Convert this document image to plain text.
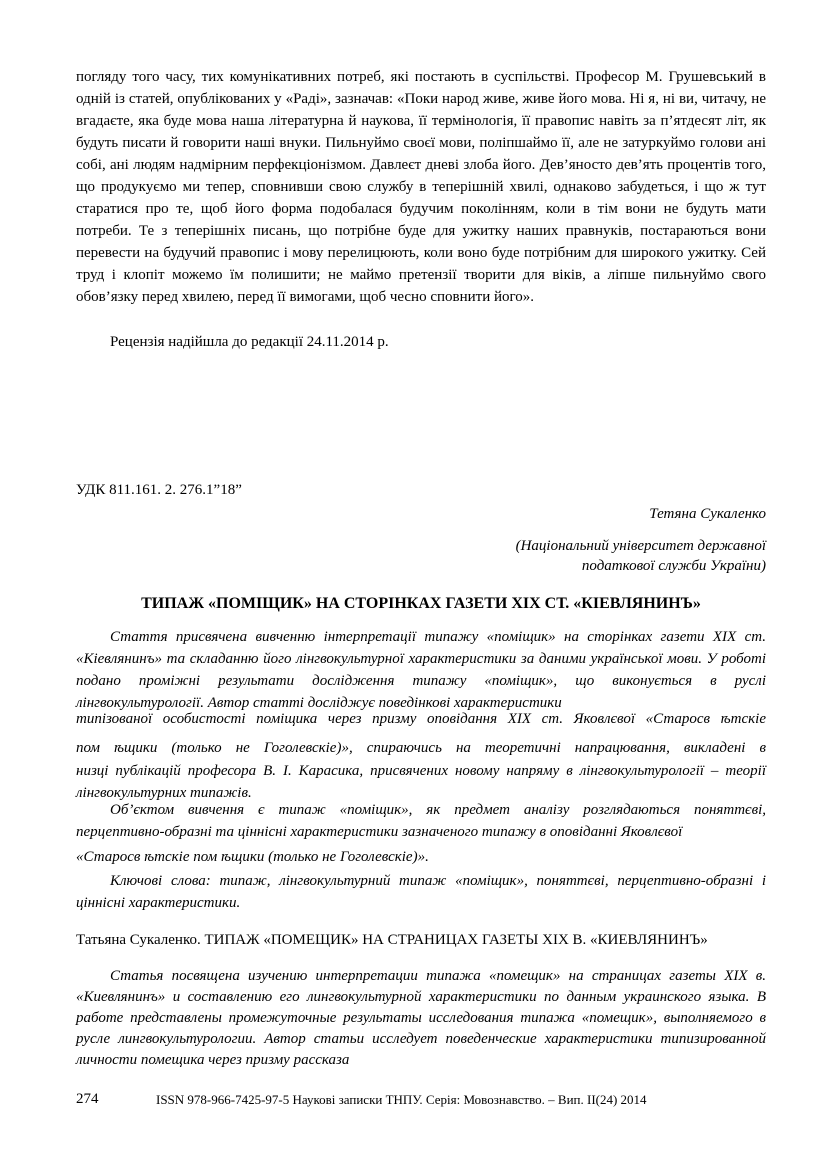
погляду того часу, тих комунікативних потреб, які постають в суспільстві. Професор М. Грушевський в одній із статей, опублікованих у «Раді», зазначав: «Поки народ живе, живе його мова. Ні я, ні ви, читачу, не вгадаєте, яка буде мова наша літературна й наукова, її термінологія, її правопис навіть за п’ятдесят літ, як будуть писати й говорити наші внуки. Пильнуймо своєї мови, поліпшаймо її, але не затуркуймо голови ані собі, ані людям надмірним перфекціонізмом. Давлеєт дневі злоба його. Дев’яносто дев’ять процентів того, що продукуємо ми тепер, сповнивши свою службу в теперішній хвилі, однаково забудеться, і що ж тут старатися про те, щоб його форма подобалася будучим поколінням, коли в тім вони не будуть мати потреби. Те з теперішніх писань, що потрібне буде для ужитку наших правнуків, постараються вони перевести на будучий правопис і мову перелицюють, коли воно буде потрібним для широкого ужитку. Сей труд і клопіт можемо їм полишити; не маймо претензії творити для віків, а ліпше пильнуймо свого обов’язку перед хвилею, перед її вимогами, щоб чесно сповнити його».
Рецензія надійшла до редакції 24.11.2014 р.
УДК 811.161. 2. 276.1”18”
Тетяна Сукаленко
(Національний університет державної
податкової служби України)
ТИПАЖ «ПОМІЩИК» НА СТОРІНКАХ ГАЗЕТИ XIX СТ. «КІЕВЛЯНИНЪ»
Стаття присвячена вивченню інтерпретації типажу «поміщик» на сторінках газети XIX ст. «Кіевлянинъ» та складанню його лінгвокультурної характеристики за даними української мови. У роботі подано проміжні результати дослідження типажу «поміщик», що виконується в руслі лінгвокультурології. Автор статті досліджує поведінкові характеристики
типізованої особистості поміщика через призму оповідання XIX ст. Яковлєвої «Старосв ѣтскіе
пом ѣщики (только не Гоголевскіе)», спираючись на теоретичні напрацювання, викладені в
низці публікацій професора В. І. Карасика, присвячених новому напряму в лінгвокультурології – теорії лінгвокультурних типажів.
Об’єктом вивчення є типаж «поміщик», як предмет аналізу розглядаються поняттєві, перцептивно-образні та ціннісні характеристики зазначеного типажу в оповіданні Яковлєвої
«Старосв ѣтскіе пом ѣщики (только не Гоголевскіе)».
Ключові слова: типаж, лінгвокультурний типаж «поміщик», поняттєві, перцептивно-образні і ціннісні характеристики.
Татьяна Сукаленко. ТИПАЖ «ПОМЕЩИК» НА СТРАНИЦАХ ГАЗЕТЫ XIX В. «КИЕВЛЯНИНЪ»
Статья посвящена изучению интерпретации типажа «помещик» на страницах газеты XIX в. «Киевлянинъ» и составлению его лингвокультурной характеристики по данным украинского языка. В работе представлены промежуточные результаты исследования типажа «помещик», выполняемого в русле лингвокультурологии. Автор статьи исследует поведенческие характеристики типизированной личности помещика через призму рассказа
274	ISSN 978-966-7425-97-5 Наукові записки ТНПУ. Серія: Мовознавство. – Вип. ІІ(24) 2014
